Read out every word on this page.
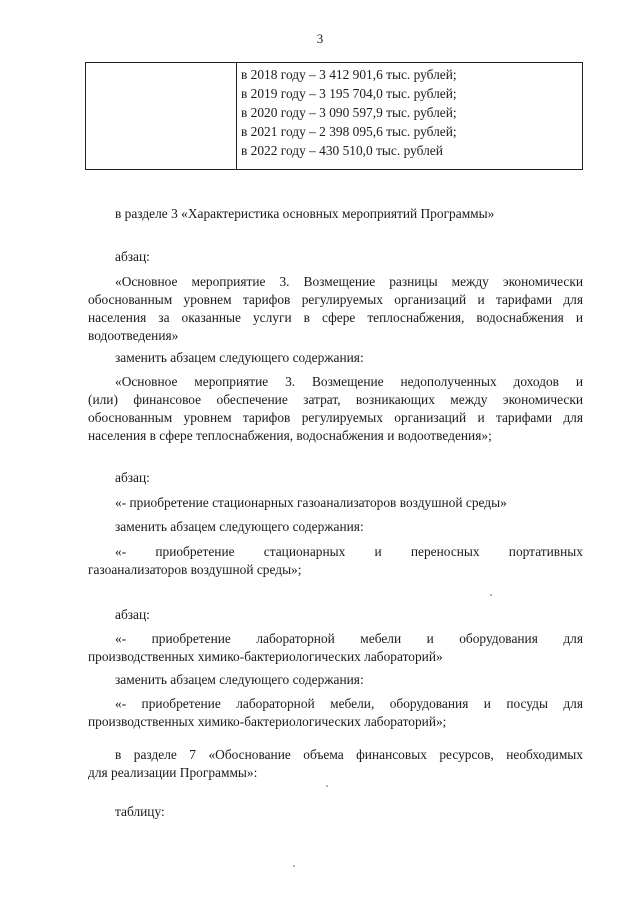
3
в 2018 году – 3 412 901,6 тыс. рублей;
в 2019 году – 3 195 704,0 тыс. рублей;
в 2020 году – 3 090 597,9 тыс. рублей;
в 2021 году – 2 398 095,6 тыс. рублей;
в 2022 году – 430 510,0 тыс. рублей
в разделе 3 «Характеристика основных мероприятий Программы»
абзац:
«Основное мероприятие 3. Возмещение разницы между экономически
обоснованным уровнем тарифов регулируемых организаций и тарифами для
населения за оказанные услуги в сфере теплоснабжения, водоснабжения и
водоотведения»
заменить абзацем следующего содержания:
«Основное мероприятие 3. Возмещение недополученных доходов и
(или) финансовое обеспечение затрат, возникающих между экономически
обоснованным уровнем тарифов регулируемых организаций и тарифами для
населения в сфере теплоснабжения, водоснабжения и водоотведения»;
абзац:
«- приобретение стационарных газоанализаторов воздушной среды»
заменить абзацем следующего содержания:
«- приобретение стационарных и переносных портативных
газоанализаторов воздушной среды»;
абзац:
«- приобретение лабораторной мебели и оборудования для
производственных химико-бактериологических лабораторий»
заменить абзацем следующего содержания:
«- приобретение лабораторной мебели, оборудования и посуды для
производственных химико-бактериологических лабораторий»;
в разделе 7 «Обоснование объема финансовых ресурсов, необходимых
для реализации Программы»:
таблицу:
